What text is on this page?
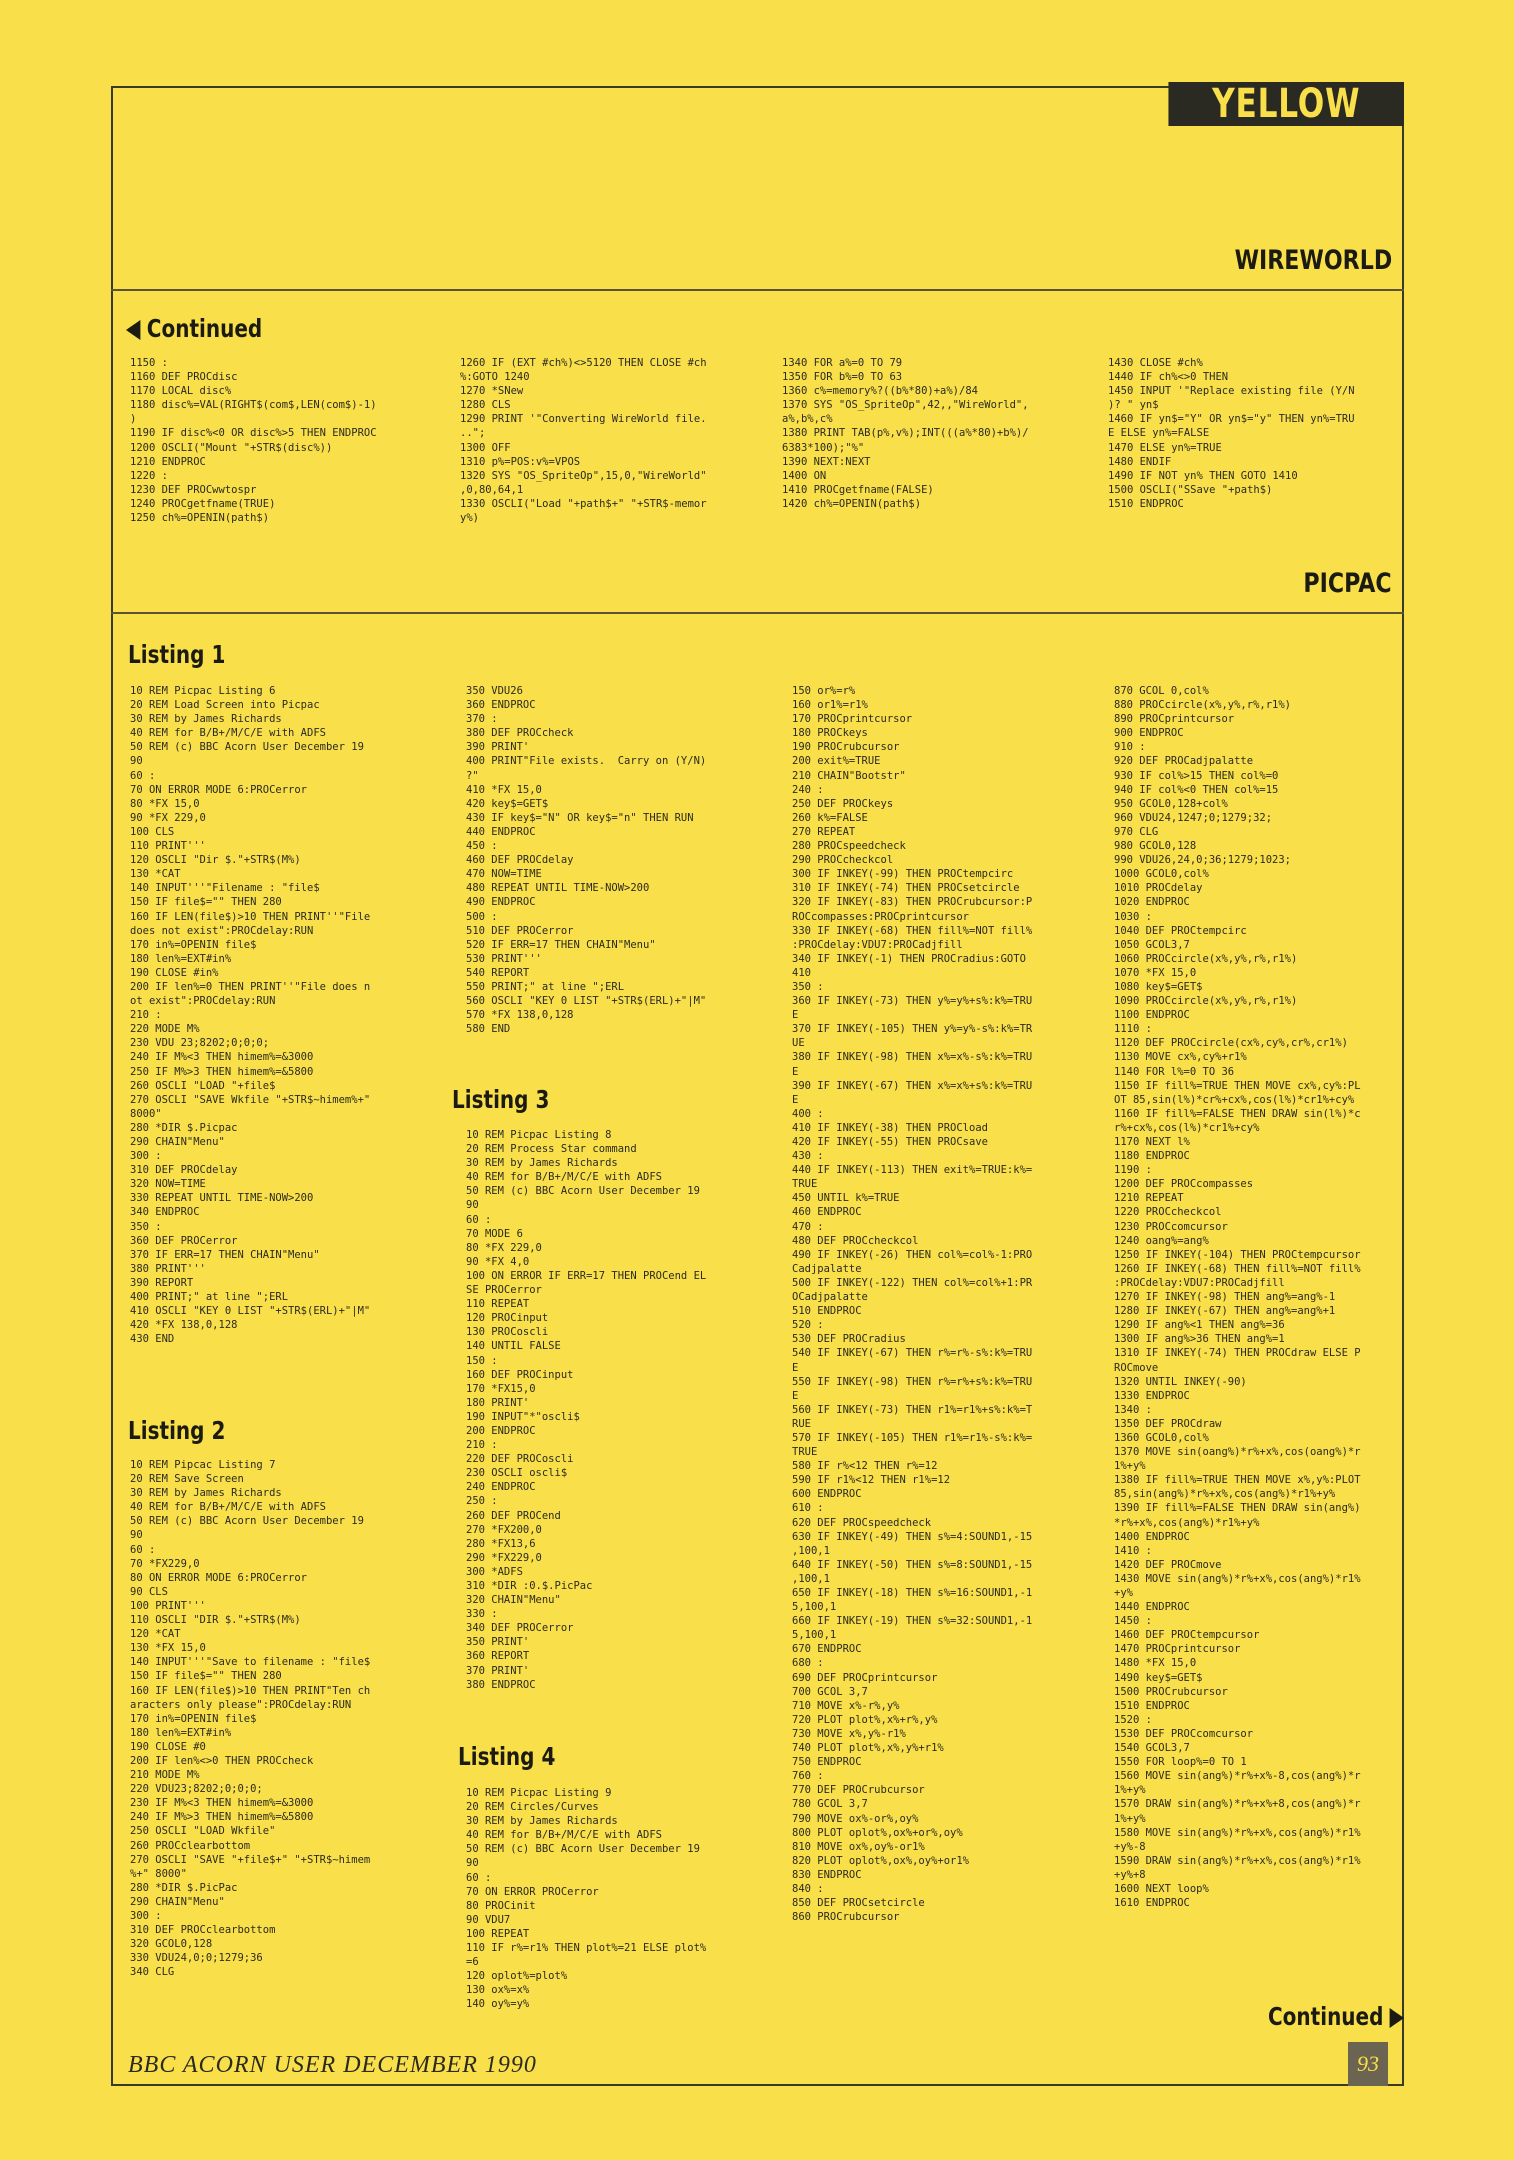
YELLOW PAGES
WIREWORLD
Continued
1150 :
1160 DEF PROCdisc
1170 LOCAL disc%
1180 disc%=VAL(RIGHT$(com$,LEN(com$)-1)
)
1190 IF disc%<0 OR disc%>5 THEN ENDPROC
1200 OSCLI("Mount "+STR$(disc%))
1210 ENDPROC
1220 :
1230 DEF PROCwwtospr
1240 PROCgetfname(TRUE)
1250 ch%=OPENIN(path$)
1260 IF (EXT #ch%)<>5120 THEN CLOSE #ch
%:GOTO 1240
1270 *SNew
1280 CLS
1290 PRINT '"Converting WireWorld file.
..";
1300 OFF
1310 p%=POS:v%=VPOS
1320 SYS "OS_SpriteOp",15,0,"WireWorld"
,0,80,64,1
1330 OSCLI("Load "+path$+" "+STR$-memor
y%)
1340 FOR a%=0 TO 79
1350 FOR b%=0 TO 63
1360 c%=memory%?((b%*80)+a%)/84
1370 SYS "OS_SpriteOp",42,,"WireWorld",
a%,b%,c%
1380 PRINT TAB(p%,v%);INT(((a%*80)+b%)/
6383*100);"%"
1390 NEXT:NEXT
1400 ON
1410 PROCgetfname(FALSE)
1420 ch%=OPENIN(path$)
1430 CLOSE #ch%
1440 IF ch%<>0 THEN
1450 INPUT '"Replace existing file (Y/N
)? " yn$
1460 IF yn$="Y" OR yn$="y" THEN yn%=TRU
E ELSE yn%=FALSE
1470 ELSE yn%=TRUE
1480 ENDIF
1490 IF NOT yn% THEN GOTO 1410
1500 OSCLI("SSave "+path$)
1510 ENDPROC
PICPAC
Listing 1
10 REM Picpac Listing 6
20 REM Load Screen into Picpac
30 REM by James Richards
40 REM for B/B+/M/C/E with ADFS
50 REM (c) BBC Acorn User December 19
90
60 :
70 ON ERROR MODE 6:PROCerror
80 *FX 15,0
90 *FX 229,0
100 CLS
110 PRINT'''
120 OSCLI "Dir $."+STR$(M%)
130 *CAT
140 INPUT'''"Filename : "file$
150 IF file$="" THEN 280
160 IF LEN(file$)>10 THEN PRINT''"File
does not exist":PROCdelay:RUN
170 in%=OPENIN file$
180 len%=EXT#in%
190 CLOSE #in%
200 IF len%=0 THEN PRINT''"File does n
ot exist":PROCdelay:RUN
210 :
220 MODE M%
230 VDU 23;8202;0;0;0;
240 IF M%<3 THEN himem%=&3000
250 IF M%>3 THEN himem%=&5800
260 OSCLI "LOAD "+file$
270 OSCLI "SAVE Wkfile "+STR$~himem%+"
8000"
280 *DIR $.Picpac
290 CHAIN"Menu"
300 :
310 DEF PROCdelay
320 NOW=TIME
330 REPEAT UNTIL TIME-NOW>200
340 ENDPROC
350 :
360 DEF PROCerror
370 IF ERR=17 THEN CHAIN"Menu"
380 PRINT'''
390 REPORT
400 PRINT;" at line ";ERL
410 OSCLI "KEY 0 LIST "+STR$(ERL)+"|M"
420 *FX 138,0,128
430 END
Listing 2
10 REM Pipcac Listing 7
20 REM Save Screen
30 REM by James Richards
40 REM for B/B+/M/C/E with ADFS
50 REM (c) BBC Acorn User December 19
90
60 :
70 *FX229,0
80 ON ERROR MODE 6:PROCerror
90 CLS
100 PRINT'''
110 OSCLI "DIR $."+STR$(M%)
120 *CAT
130 *FX 15,0
140 INPUT'''"Save to filename : "file$
150 IF file$="" THEN 280
160 IF LEN(file$)>10 THEN PRINT"Ten ch
aracters only please":PROCdelay:RUN
170 in%=OPENIN file$
180 len%=EXT#in%
190 CLOSE #0
200 IF len%<>0 THEN PROCcheck
210 MODE M%
220 VDU23;8202;0;0;0;
230 IF M%<3 THEN himem%=&3000
240 IF M%>3 THEN himem%=&5800
250 OSCLI "LOAD Wkfile"
260 PROCclearbottom
270 OSCLI "SAVE "+file$+" "+STR$~himem
%+" 8000"
280 *DIR $.PicPac
290 CHAIN"Menu"
300 :
310 DEF PROCclearbottom
320 GCOL0,128
330 VDU24,0;0;1279;36
340 CLG
350 VDU26
360 ENDPROC
370 :
380 DEF PROCcheck
390 PRINT'
400 PRINT"File exists.  Carry on (Y/N)
?"
410 *FX 15,0
420 key$=GET$
430 IF key$="N" OR key$="n" THEN RUN
440 ENDPROC
450 :
460 DEF PROCdelay
470 NOW=TIME
480 REPEAT UNTIL TIME-NOW>200
490 ENDPROC
500 :
510 DEF PROCerror
520 IF ERR=17 THEN CHAIN"Menu"
530 PRINT'''
540 REPORT
550 PRINT;" at line ";ERL
560 OSCLI "KEY 0 LIST "+STR$(ERL)+"|M"
570 *FX 138,0,128
580 END
Listing 3
10 REM Picpac Listing 8
20 REM Process Star command
30 REM by James Richards
40 REM for B/B+/M/C/E with ADFS
50 REM (c) BBC Acorn User December 19
90
60 :
70 MODE 6
80 *FX 229,0
90 *FX 4,0
100 ON ERROR IF ERR=17 THEN PROCend EL
SE PROCerror
110 REPEAT
120 PROCinput
130 PROCoscli
140 UNTIL FALSE
150 :
160 DEF PROCinput
170 *FX15,0
180 PRINT'
190 INPUT"*"oscli$
200 ENDPROC
210 :
220 DEF PROCoscli
230 OSCLI oscli$
240 ENDPROC
250 :
260 DEF PROCend
270 *FX200,0
280 *FX13,6
290 *FX229,0
300 *ADFS
310 *DIR :0.$.PicPac
320 CHAIN"Menu"
330 :
340 DEF PROCerror
350 PRINT'
360 REPORT
370 PRINT'
380 ENDPROC
Listing 4
10 REM Picpac Listing 9
20 REM Circles/Curves
30 REM by James Richards
40 REM for B/B+/M/C/E with ADFS
50 REM (c) BBC Acorn User December 19
90
60 :
70 ON ERROR PROCerror
80 PROCinit
90 VDU7
100 REPEAT
110 IF r%=r1% THEN plot%=21 ELSE plot%
=6
120 oplot%=plot%
130 ox%=x%
140 oy%=y%
150 or%=r%
160 or1%=r1%
170 PROCprintcursor
180 PROCkeys
190 PROCrubcursor
200 exit%=TRUE
210 CHAIN"Bootstr"
240 :
250 DEF PROCkeys
260 k%=FALSE
270 REPEAT
280 PROCspeedcheck
290 PROCcheckcol
300 IF INKEY(-99) THEN PROCtempcirc
310 IF INKEY(-74) THEN PROCsetcircle
320 IF INKEY(-83) THEN PROCrubcursor:P
ROCcompasses:PROCprintcursor
330 IF INKEY(-68) THEN fill%=NOT fill%
:PROCdelay:VDU7:PROCadjfill
340 IF INKEY(-1) THEN PROCradius:GOTO
410
350 :
360 IF INKEY(-73) THEN y%=y%+s%:k%=TRU
E
370 IF INKEY(-105) THEN y%=y%-s%:k%=TR
UE
380 IF INKEY(-98) THEN x%=x%-s%:k%=TRU
E
390 IF INKEY(-67) THEN x%=x%+s%:k%=TRU
E
400 :
410 IF INKEY(-38) THEN PROCload
420 IF INKEY(-55) THEN PROCsave
430 :
440 IF INKEY(-113) THEN exit%=TRUE:k%=
TRUE
450 UNTIL k%=TRUE
460 ENDPROC
470 :
480 DEF PROCcheckcol
490 IF INKEY(-26) THEN col%=col%-1:PRO
Cadjpalatte
500 IF INKEY(-122) THEN col%=col%+1:PR
OCadjpalatte
510 ENDPROC
520 :
530 DEF PROCradius
540 IF INKEY(-67) THEN r%=r%-s%:k%=TRU
E
550 IF INKEY(-98) THEN r%=r%+s%:k%=TRU
E
560 IF INKEY(-73) THEN r1%=r1%+s%:k%=T
RUE
570 IF INKEY(-105) THEN r1%=r1%-s%:k%=
TRUE
580 IF r%<12 THEN r%=12
590 IF r1%<12 THEN r1%=12
600 ENDPROC
610 :
620 DEF PROCspeedcheck
630 IF INKEY(-49) THEN s%=4:SOUND1,-15
,100,1
640 IF INKEY(-50) THEN s%=8:SOUND1,-15
,100,1
650 IF INKEY(-18) THEN s%=16:SOUND1,-1
5,100,1
660 IF INKEY(-19) THEN s%=32:SOUND1,-1
5,100,1
670 ENDPROC
680 :
690 DEF PROCprintcursor
700 GCOL 3,7
710 MOVE x%-r%,y%
720 PLOT plot%,x%+r%,y%
730 MOVE x%,y%-r1%
740 PLOT plot%,x%,y%+r1%
750 ENDPROC
760 :
770 DEF PROCrubcursor
780 GCOL 3,7
790 MOVE ox%-or%,oy%
800 PLOT oplot%,ox%+or%,oy%
810 MOVE ox%,oy%-or1%
820 PLOT oplot%,ox%,oy%+or1%
830 ENDPROC
840 :
850 DEF PROCsetcircle
860 PROCrubcursor
870 GCOL 0,col%
880 PROCcircle(x%,y%,r%,r1%)
890 PROCprintcursor
900 ENDPROC
910 :
920 DEF PROCadjpalatte
930 IF col%>15 THEN col%=0
940 IF col%<0 THEN col%=15
950 GCOL0,128+col%
960 VDU24,1247;0;1279;32;
970 CLG
980 GCOL0,128
990 VDU26,24,0;36;1279;1023;
1000 GCOL0,col%
1010 PROCdelay
1020 ENDPROC
1030 :
1040 DEF PROCtempcirc
1050 GCOL3,7
1060 PROCcircle(x%,y%,r%,r1%)
1070 *FX 15,0
1080 key$=GET$
1090 PROCcircle(x%,y%,r%,r1%)
1100 ENDPROC
1110 :
1120 DEF PROCcircle(cx%,cy%,cr%,cr1%)
1130 MOVE cx%,cy%+r1%
1140 FOR l%=0 TO 36
1150 IF fill%=TRUE THEN MOVE cx%,cy%:PL
OT 85,sin(l%)*cr%+cx%,cos(l%)*cr1%+cy%
1160 IF fill%=FALSE THEN DRAW sin(l%)*c
r%+cx%,cos(l%)*cr1%+cy%
1170 NEXT l%
1180 ENDPROC
1190 :
1200 DEF PROCcompasses
1210 REPEAT
1220 PROCcheckcol
1230 PROCcomcursor
1240 oang%=ang%
1250 IF INKEY(-104) THEN PROCtempcursor
1260 IF INKEY(-68) THEN fill%=NOT fill%
:PROCdelay:VDU7:PROCadjfill
1270 IF INKEY(-98) THEN ang%=ang%-1
1280 IF INKEY(-67) THEN ang%=ang%+1
1290 IF ang%<1 THEN ang%=36
1300 IF ang%>36 THEN ang%=1
1310 IF INKEY(-74) THEN PROCdraw ELSE P
ROCmove
1320 UNTIL INKEY(-90)
1330 ENDPROC
1340 :
1350 DEF PROCdraw
1360 GCOL0,col%
1370 MOVE sin(oang%)*r%+x%,cos(oang%)*r
1%+y%
1380 IF fill%=TRUE THEN MOVE x%,y%:PLOT
85,sin(ang%)*r%+x%,cos(ang%)*r1%+y%
1390 IF fill%=FALSE THEN DRAW sin(ang%)
*r%+x%,cos(ang%)*r1%+y%
1400 ENDPROC
1410 :
1420 DEF PROCmove
1430 MOVE sin(ang%)*r%+x%,cos(ang%)*r1%
+y%
1440 ENDPROC
1450 :
1460 DEF PROCtempcursor
1470 PROCprintcursor
1480 *FX 15,0
1490 key$=GET$
1500 PROCrubcursor
1510 ENDPROC
1520 :
1530 DEF PROCcomcursor
1540 GCOL3,7
1550 FOR loop%=0 TO 1
1560 MOVE sin(ang%)*r%+x%-8,cos(ang%)*r
1%+y%
1570 DRAW sin(ang%)*r%+x%+8,cos(ang%)*r
1%+y%
1580 MOVE sin(ang%)*r%+x%,cos(ang%)*r1%
+y%-8
1590 DRAW sin(ang%)*r%+x%,cos(ang%)*r1%
+y%+8
1600 NEXT loop%
1610 ENDPROC
Continued
BBC ACORN USER DECEMBER 1990	93
